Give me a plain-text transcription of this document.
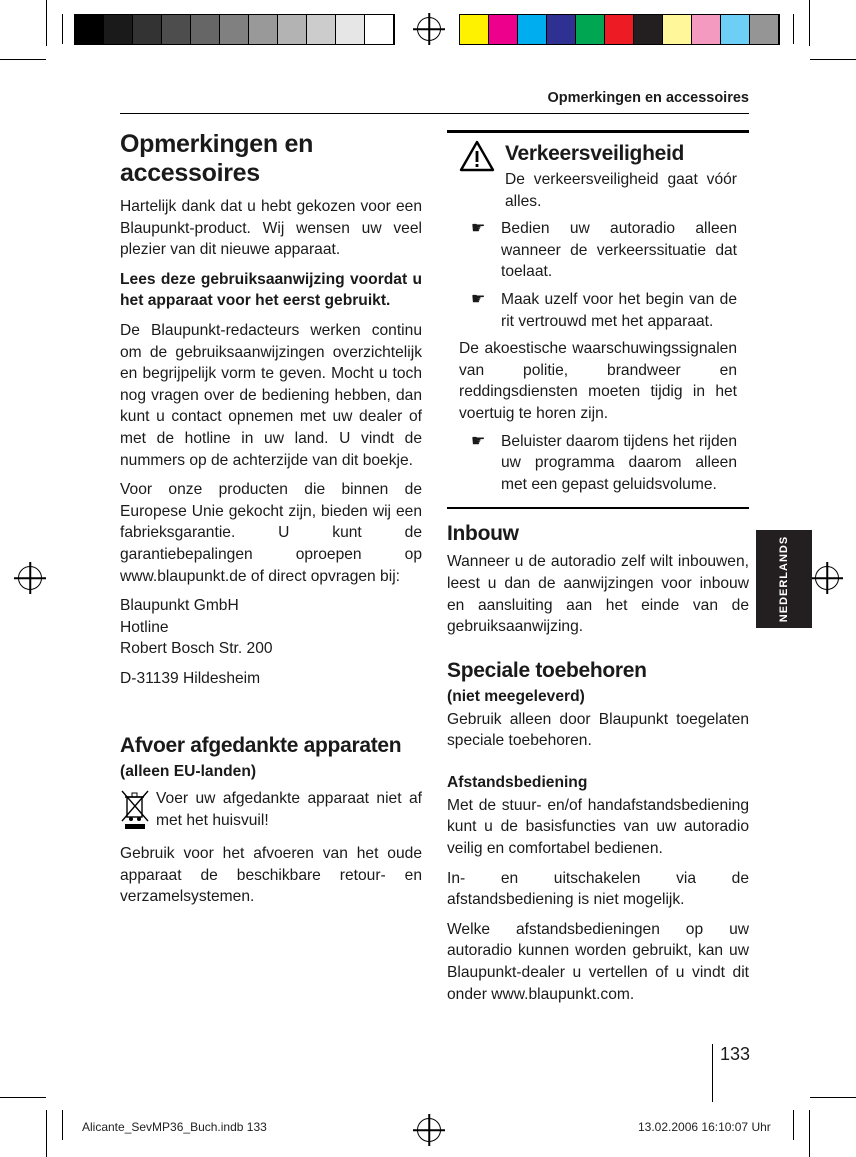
Opmerkingen en accessoires
Opmerkingen en accessoires

Hartelijk dank dat u hebt gekozen voor een Blaupunkt-product. Wij wensen uw veel plezier van dit nieuwe apparaat.

Lees deze gebruiksaanwijzing voordat u het apparaat voor het eerst gebruikt.

De Blaupunkt-redacteurs werken continu om de gebruiksaanwijzingen overzichtelijk en begrijpelijk vorm te geven. Mocht u toch nog vragen over de bediening hebben, dan kunt u contact opnemen met uw dealer of met de hotline in uw land. U vindt de nummers op de achterzijde van dit boekje.

Voor onze producten die binnen de Europese Unie gekocht zijn, bieden wij een fabrieksgarantie. U kunt de garantiebepalingen oproepen op www.blaupunkt.de of direct opvragen bij:

Blaupunkt GmbH

Hotline

Robert Bosch Str. 200

D-31139 Hildesheim

Afvoer afgedankte apparaten
(alleen EU-landen)
Voer uw afgedankte apparaat niet af met het huisvuil!

Gebruik voor het afvoeren van het oude apparaat de beschikbare retour- en verzamelsystemen.

Verkeersveiligheid
De verkeersveiligheid gaat vóór alles.
☛	Bedien uw autoradio alleen wanneer de verkeerssituatie dat toelaat.
☛	Maak uzelf voor het begin van de rit vertrouwd met het apparaat.

De akoestische waarschuwingssignalen van politie, brandweer en reddingsdiensten moeten tijdig in het voertuig te horen zijn.

☛	Beluister daarom tijdens het rijden uw programma daarom alleen met een gepast geluidsvolume.
Inbouw

Wanneer u de autoradio zelf wilt inbouwen, leest u dan de aanwijzingen voor inbouw en aansluiting aan het einde van de gebruiksaanwijzing.

Speciale toebehoren
(niet meegeleverd)

Gebruik alleen door Blaupunkt toegelaten speciale toebehoren.

Afstandsbediening

Met de stuur- en/of handafstandsbediening kunt u de basisfuncties van uw autoradio veilig en comfortabel bedienen.

In- en uitschakelen via de afstandsbediening is niet mogelijk.

Welke afstandsbedieningen op uw autoradio kunnen worden gebruikt, kan uw Blaupunkt-dealer u vertellen of u vindt dit onder www.blaupunkt.com.

NEDERLANDS
133
Alicante_SevMP36_Buch.indb 133	13.02.2006 16:10:07 Uhr
